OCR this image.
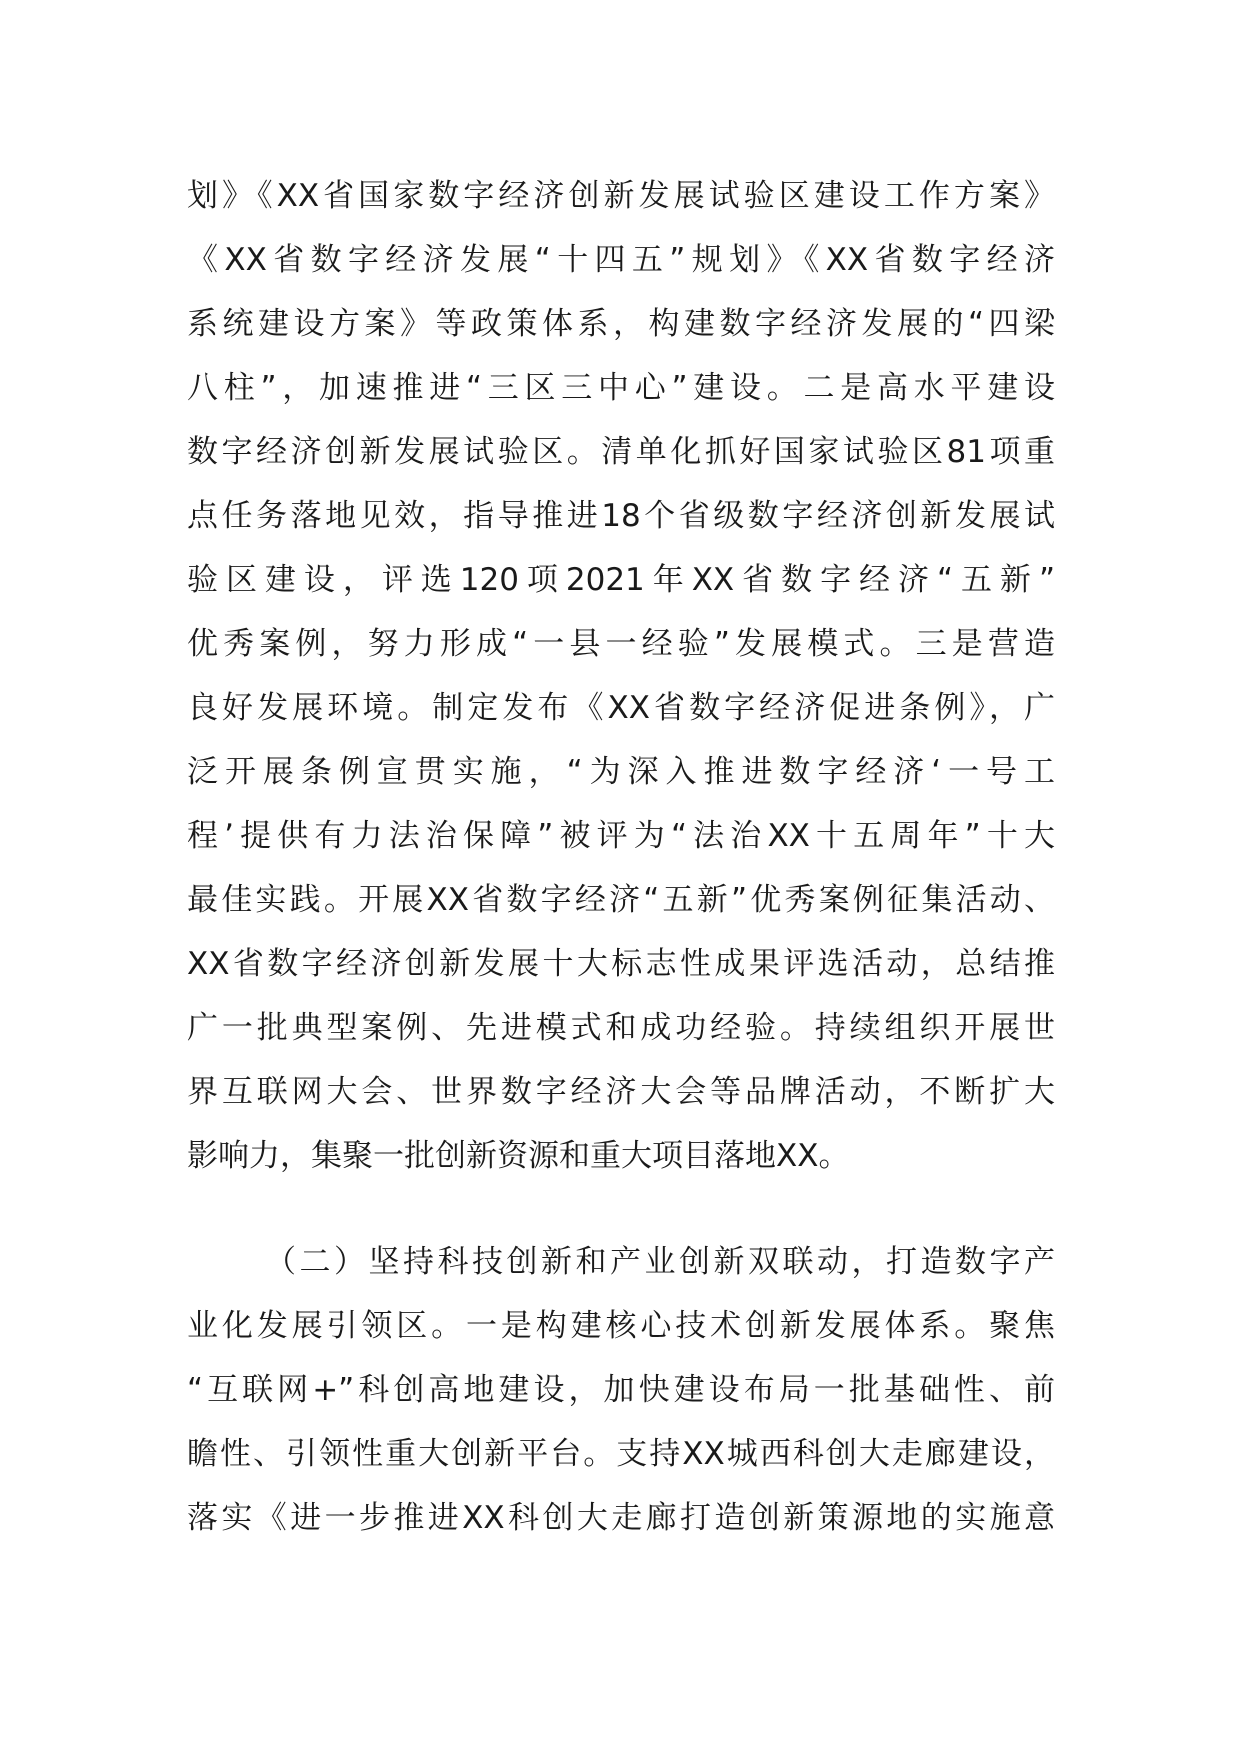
划》《XX省国家数字经济创新发展试验区建设工作方案》
《XX省数字经济发展“十四五”规划》《XX省数字经济
系统建设方案》等政策体系，构建数字经济发展的“四梁
八柱”，加速推进“三区三中心”建设。二是高水平建设
数字经济创新发展试验区。清单化抓好国家试验区81项重
点任务落地见效，指导推进18个省级数字经济创新发展试
验区建设，评选120项2021年XX省数字经济“五新”
优秀案例，努力形成“一县一经验”发展模式。三是营造
良好发展环境。制定发布《XX省数字经济促进条例》，广
泛开展条例宣贯实施，“为深入推进数字经济‘一号工
程’提供有力法治保障”被评为“法治XX十五周年”十大
最佳实践。开展XX省数字经济“五新”优秀案例征集活动、
XX省数字经济创新发展十大标志性成果评选活动，总结推
广一批典型案例、先进模式和成功经验。持续组织开展世
界互联网大会、世界数字经济大会等品牌活动，不断扩大
影响力，集聚一批创新资源和重大项目落地XX。
（二）坚持科技创新和产业创新双联动，打造数字产
业化发展引领区。一是构建核心技术创新发展体系。聚焦
“互联网+”科创高地建设，加快建设布局一批基础性、前
瞻性、引领性重大创新平台。支持XX城西科创大走廊建设，
落实《进一步推进XX科创大走廊打造创新策源地的实施意
